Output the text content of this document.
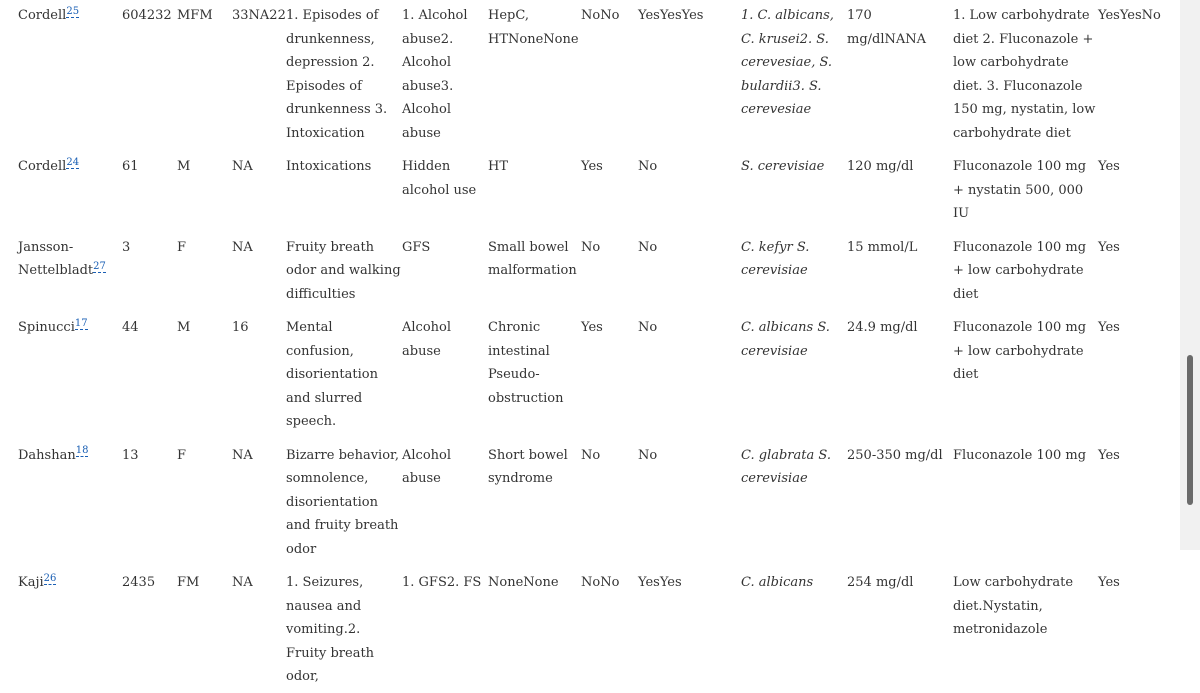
Cordell$^{25}$	604232	MFM	33NA22	1. Episodes of drunkenness, depression 2. Episodes of drunkenness 3. Intoxication	1. Alcohol abuse2. Alcohol abuse3. Alcohol abuse	HepC, HTNoneNone	NoNo	YesYesYes	1. C. albicans, C. krusei2. S. cerevesiae, S. bulardii3. S. cerevesiae	170 mg/dlNANA	1. Low carbohydrate diet 2. Fluconazole + low carbohydrate diet. 3. Fluconazole 150 mg, nystatin, low carbohydrate diet	YesYesNo
Cordell$^{24}$	61	M	NA	Intoxications	Hidden alcohol use	HT	Yes	No	S. cerevisiae	120 mg/dl	Fluconazole 100 mg + nystatin 500, 000 IU	Yes
Jansson-Nettelbladt$^{27}$	3	F	NA	Fruity breath odor and walking difficulties	GFS	Small bowel malformation	No	No	C. kefyr S. cerevisiae	15 mmol/L	Fluconazole 100 mg + low carbohydrate diet	Yes
Spinucci$^{17}$	44	M	16	Mental confusion, disorientation and slurred speech.	Alcohol abuse	Chronic intestinal Pseudo-obstruction	Yes	No	C. albicans S. cerevisiae	24.9 mg/dl	Fluconazole 100 mg + low carbohydrate diet	Yes
Dahshan$^{18}$	13	F	NA	Bizarre behavior, somnolence, disorientation and fruity breath odor	Alcohol abuse	Short bowel syndrome	No	No	C. glabrata S. cerevisiae	250-350 mg/dl	Fluconazole 100 mg	Yes
Kaji$^{26}$	2435	FM	NA	1. Seizures, nausea and vomiting.2. Fruity breath odor,	1. GFS2. FS	NoneNone	NoNo	YesYes	C. albicans	254 mg/dl	Low carbohydrate diet.Nystatin, metronidazole	Yes
